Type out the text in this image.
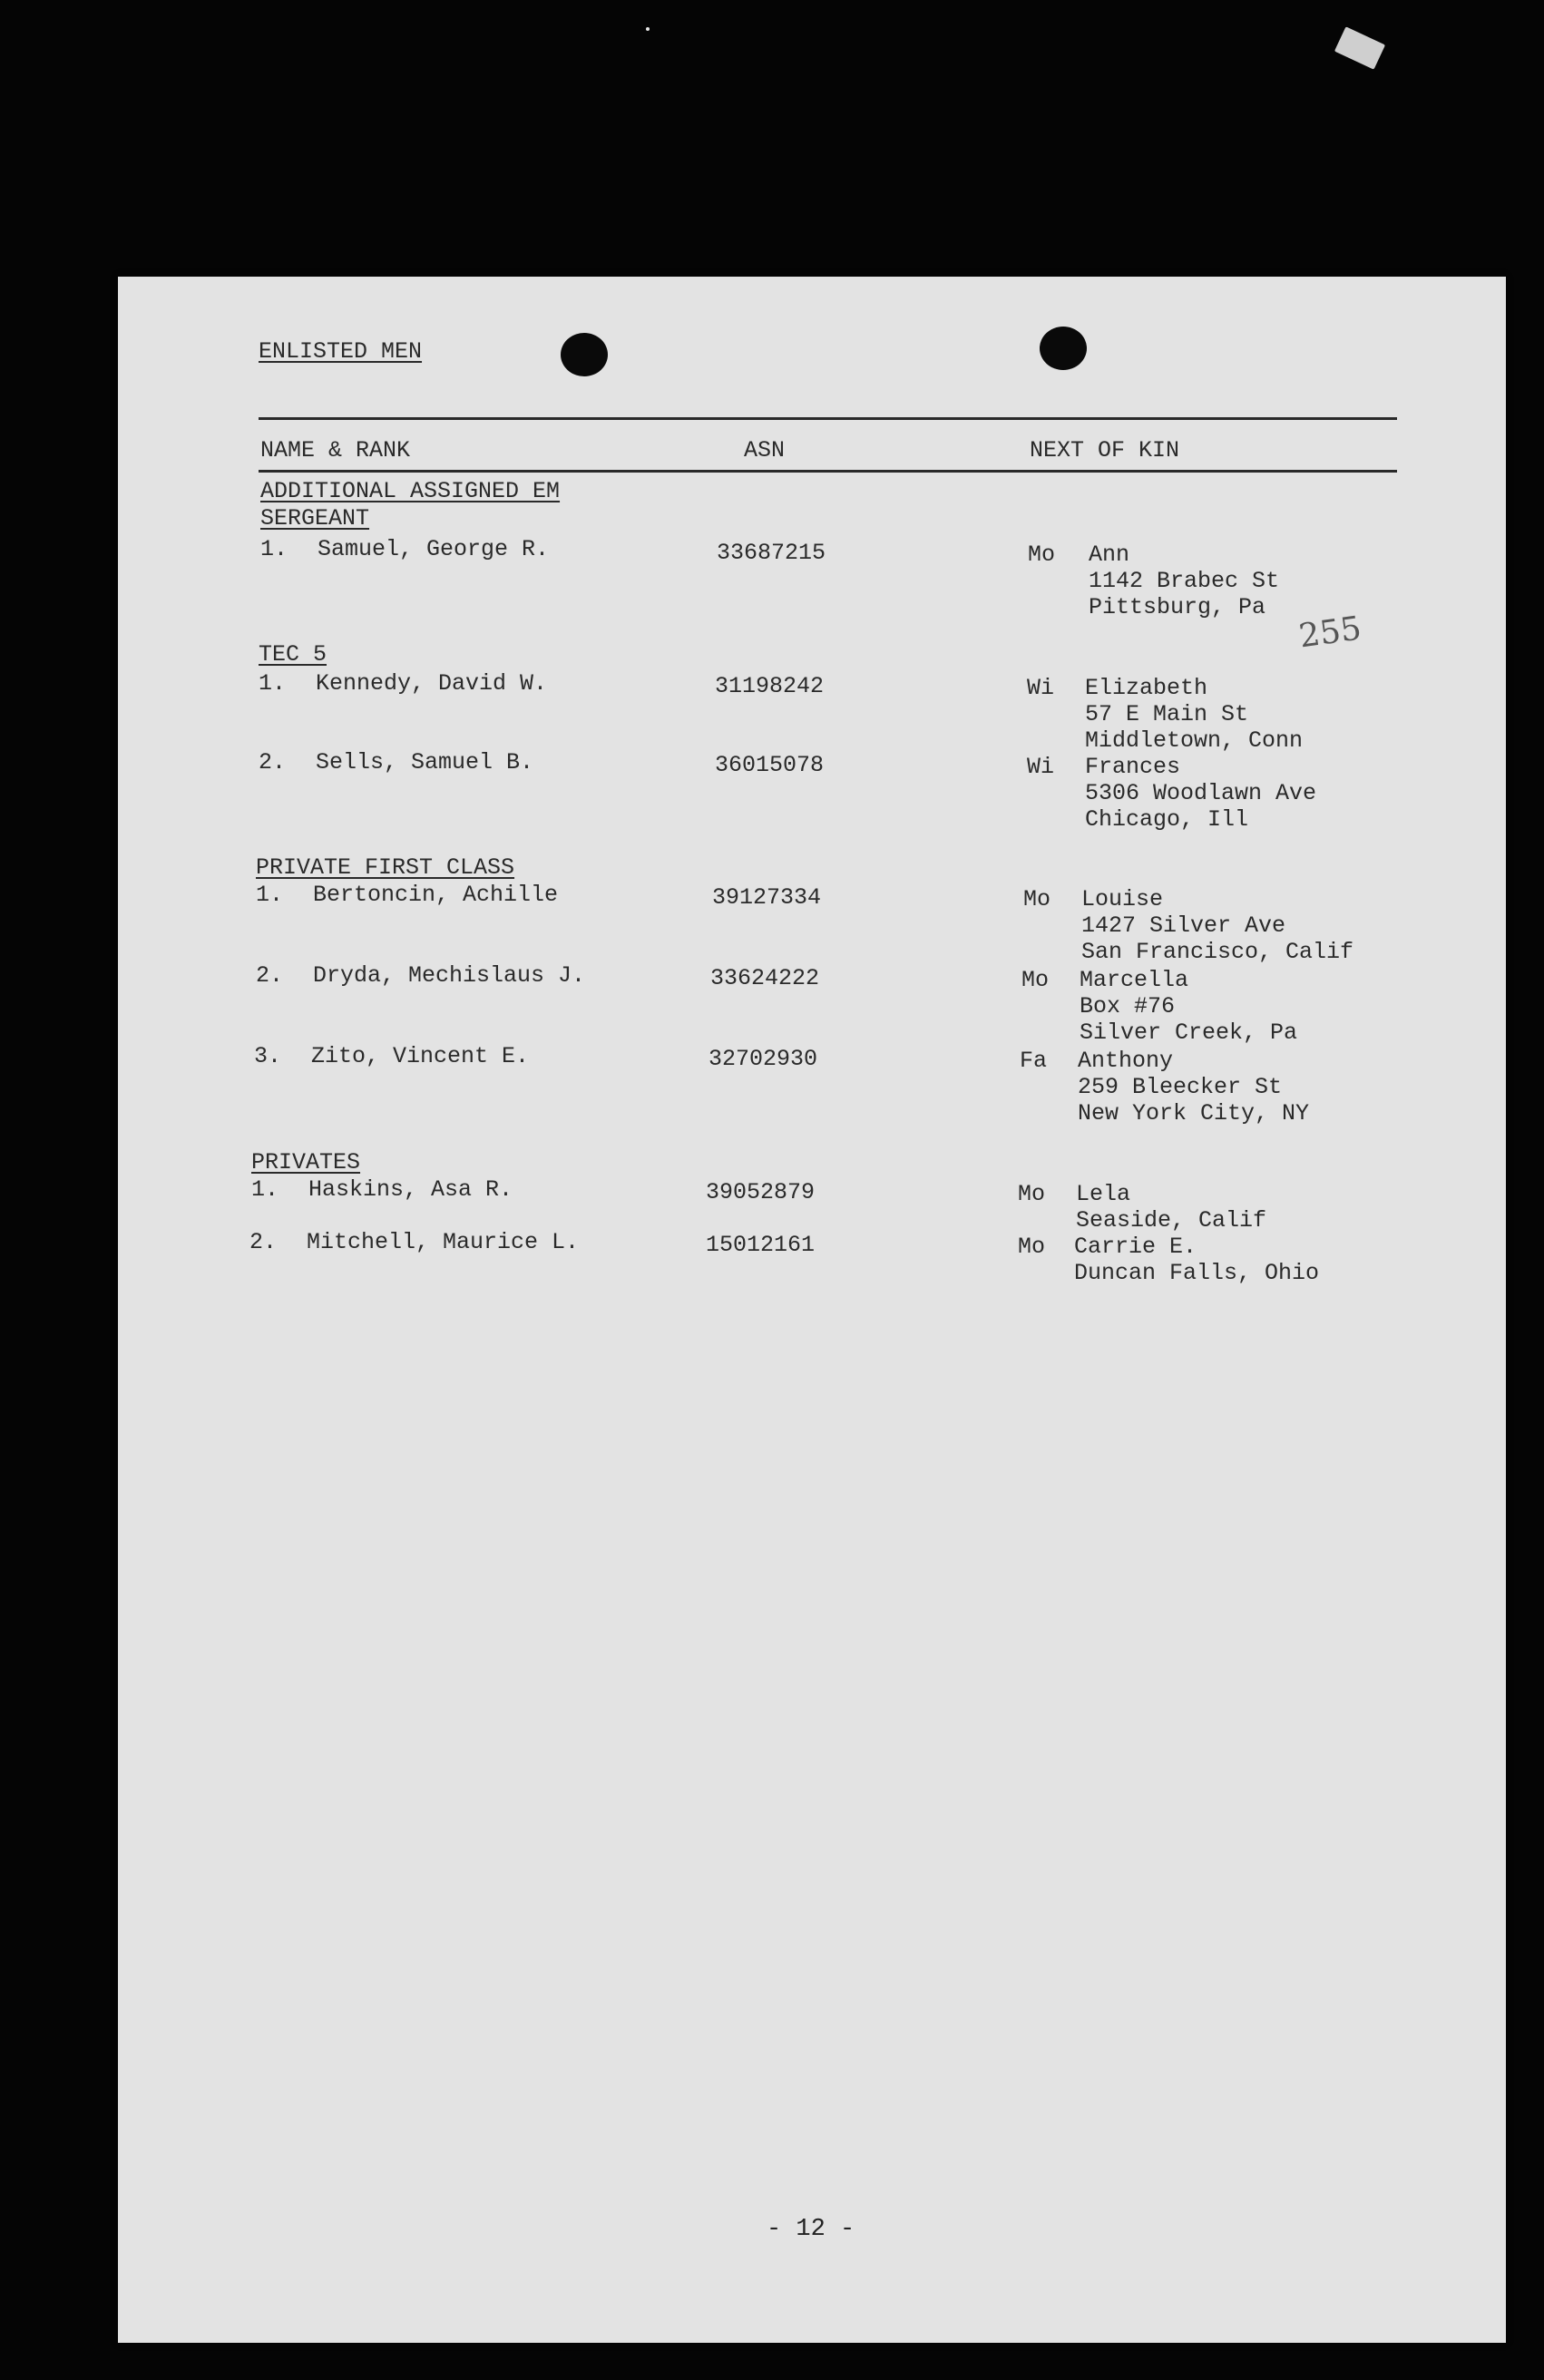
ENLISTED MEN
NAME & RANK	ASN	NEXT OF KIN
ADDITIONAL ASSIGNED EM
SERGEANT
1. Samuel, George R.	33687215	Mo Ann
1142 Brabec St
Pittsburg, Pa
255
TEC 5
1. Kennedy, David W.	31198242	Wi Elizabeth
57 E Main St
Middletown, Conn
2. Sells, Samuel B.	36015078	Wi Frances
5306 Woodlawn Ave
Chicago, Ill
PRIVATE FIRST CLASS
1. Bertoncin, Achille	39127334	Mo Louise
1427 Silver Ave
San Francisco, Calif
2. Dryda, Mechislaus J.	33624222	Mo Marcella
Box #76
Silver Creek, Pa
3. Zito, Vincent E.	32702930	Fa Anthony
259 Bleecker St
New York City, NY
PRIVATES
1. Haskins, Asa R.	39052879	Mo Lela
Seaside, Calif
2. Mitchell, Maurice L.	15012161	Mo Carrie E.
Duncan Falls, Ohio
- 12 -
